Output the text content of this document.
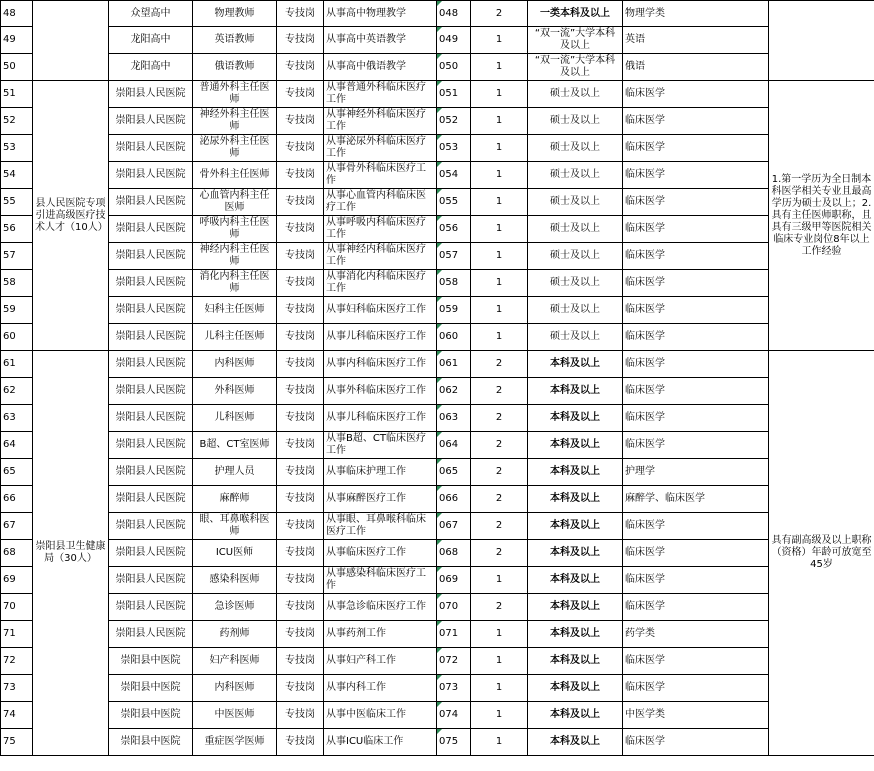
48		众望高中	物理教师	专技岗	从事高中物理教学	048	2	一类本科及以上	物理学类	
49		龙阳高中	英语教师	专技岗	从事高中英语教学	049	1	“双一流”大学本科及以上	英语	
50		龙阳高中	俄语教师	专技岗	从事高中俄语教学	050	1	“双一流”大学本科及以上	俄语	
51	县人民医院专项引进高级医疗技术人才（10人）	崇阳县人民医院	普通外科主任医师	专技岗	从事普通外科临床医疗工作	051	1	硕士及以上	临床医学	1.第一学历为全日制本科医学相关专业且最高学历为硕士及以上；2.具有主任医师职称，且具有三级甲等医院相关临床专业岗位8年以上工作经验
52		崇阳县人民医院	神经外科主任医师	专技岗	从事神经外科临床医疗工作	052	1	硕士及以上	临床医学	
53		崇阳县人民医院	泌尿外科主任医师	专技岗	从事泌尿外科临床医疗工作	053	1	硕士及以上	临床医学	
54		崇阳县人民医院	骨外科主任医师	专技岗	从事骨外科临床医疗工作	054	1	硕士及以上	临床医学	
55		崇阳县人民医院	心血管内科主任医师	专技岗	从事心血管内科临床医疗工作	055	1	硕士及以上	临床医学	
56		崇阳县人民医院	呼吸内科主任医师	专技岗	从事呼吸内科临床医疗工作	056	1	硕士及以上	临床医学	
57		崇阳县人民医院	神经内科主任医师	专技岗	从事神经内科临床医疗工作	057	1	硕士及以上	临床医学	
58		崇阳县人民医院	消化内科主任医师	专技岗	从事消化内科临床医疗工作	058	1	硕士及以上	临床医学	
59		崇阳县人民医院	妇科主任医师	专技岗	从事妇科临床医疗工作	059	1	硕士及以上	临床医学	
60		崇阳县人民医院	儿科主任医师	专技岗	从事儿科临床医疗工作	060	1	硕士及以上	临床医学	
61	崇阳县卫生健康局（30人）	崇阳县人民医院	内科医师	专技岗	从事内科临床医疗工作	061	2	本科及以上	临床医学	具有副高级及以上职称（资格）年龄可放宽至45岁
62		崇阳县人民医院	外科医师	专技岗	从事外科临床医疗工作	062	2	本科及以上	临床医学	
63		崇阳县人民医院	儿科医师	专技岗	从事儿科临床医疗工作	063	2	本科及以上	临床医学	
64		崇阳县人民医院	B超、CT室医师	专技岗	从事B超、CT临床医疗工作	064	2	本科及以上	临床医学	
65		崇阳县人民医院	护理人员	专技岗	从事临床护理工作	065	2	本科及以上	护理学	
66		崇阳县人民医院	麻醉师	专技岗	从事麻醉医疗工作	066	2	本科及以上	麻醉学、临床医学	
67		崇阳县人民医院	眼、耳鼻喉科医师	专技岗	从事眼、耳鼻喉科临床医疗工作	067	2	本科及以上	临床医学	
68		崇阳县人民医院	ICU医师	专技岗	从事临床医疗工作	068	2	本科及以上	临床医学	
69		崇阳县人民医院	感染科医师	专技岗	从事感染科临床医疗工作	069	1	本科及以上	临床医学	
70		崇阳县人民医院	急诊医师	专技岗	从事急诊临床医疗工作	070	2	本科及以上	临床医学	
71		崇阳县人民医院	药剂师	专技岗	从事药剂工作	071	1	本科及以上	药学类	
72		崇阳县中医院	妇产科医师	专技岗	从事妇产科工作	072	1	本科及以上	临床医学	
73		崇阳县中医院	内科医师	专技岗	从事内科工作	073	1	本科及以上	临床医学	
74		崇阳县中医院	中医医师	专技岗	从事中医临床工作	074	1	本科及以上	中医学类	
75		崇阳县中医院	重症医学医师	专技岗	从事ICU临床工作	075	1	本科及以上	临床医学	
